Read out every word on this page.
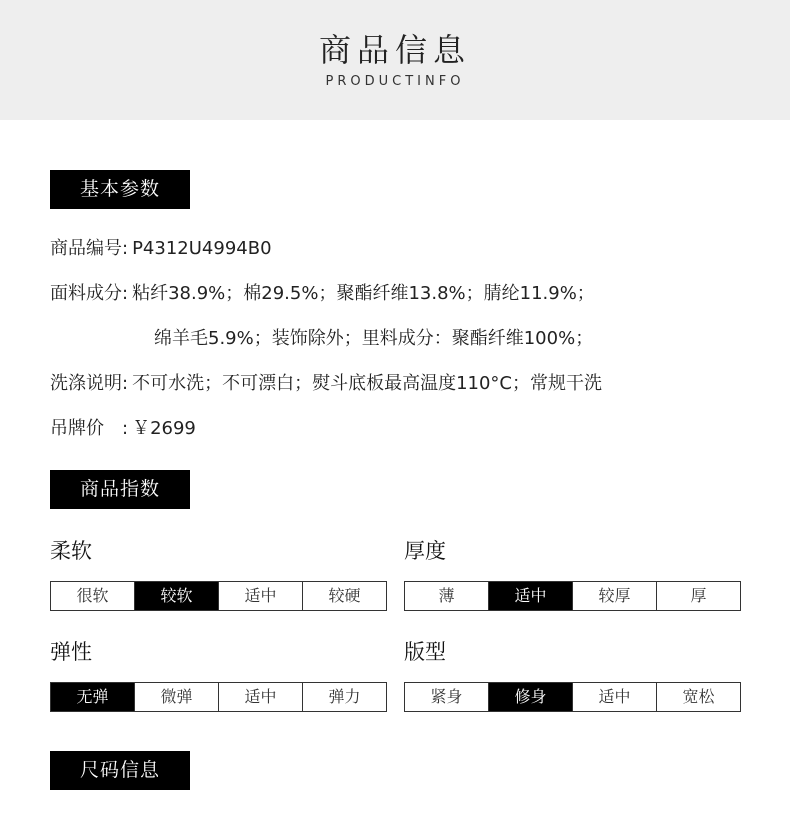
商品信息
PRODUCTINFO
基本参数
商品编号: P4312U4994B0
面料成分: 粘纤38.9%；棉29.5%；聚酯纤维13.8%；腈纶11.9%；
绵羊毛5.9%；装饰除外；里料成分：聚酯纤维100%；
洗涤说明: 不可水洗；不可漂白；熨斗底板最高温度110°C；常规干洗
吊牌价　: ￥2699
商品指数
柔软
很软	较软	适中	较硬
厚度
薄	适中	较厚	厚
弹性
无弹	微弹	适中	弹力
版型
紧身	修身	适中	宽松
尺码信息
